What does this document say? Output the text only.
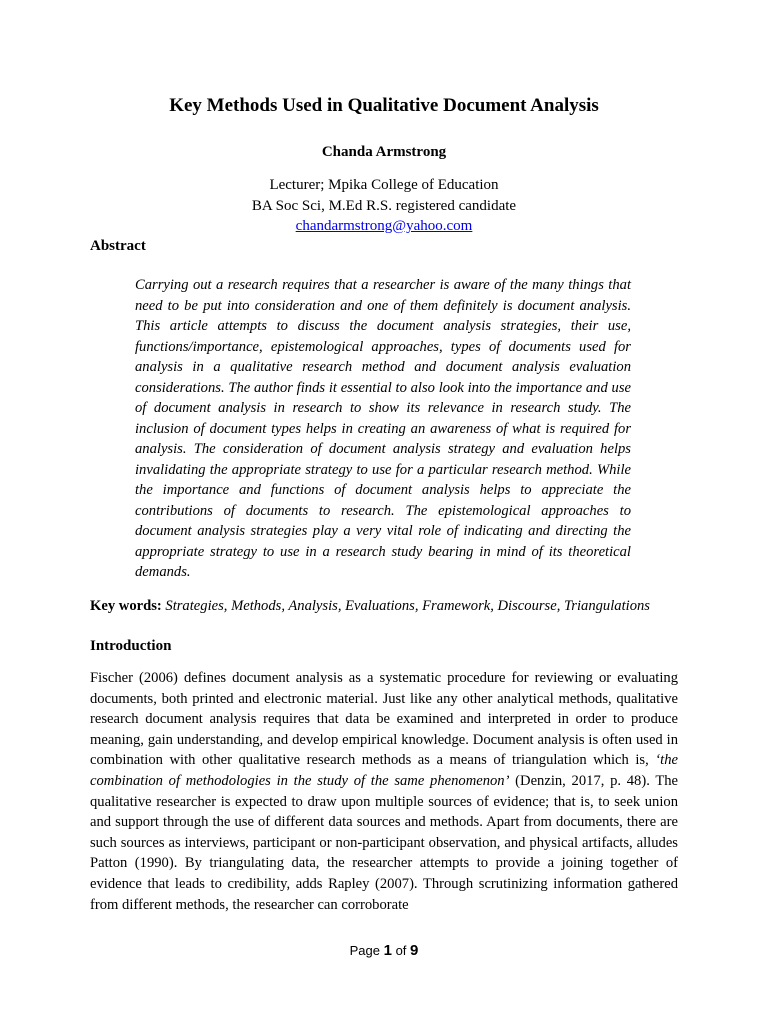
Key Methods Used in Qualitative Document Analysis
Chanda Armstrong
Lecturer; Mpika College of Education
BA Soc Sci, M.Ed R.S. registered candidate
chandarmstrong@yahoo.com
Abstract
Carrying out a research requires that a researcher is aware of the many things that need to be put into consideration and one of them definitely is document analysis. This article attempts to discuss the document analysis strategies, their use, functions/importance, epistemological approaches, types of documents used for analysis in a qualitative research method and document analysis evaluation considerations. The author finds it essential to also look into the importance and use of document analysis in research to show its relevance in research study. The inclusion of document types helps in creating an awareness of what is required for analysis. The consideration of document analysis strategy and evaluation helps invalidating the appropriate strategy to use for a particular research method. While the importance and functions of document analysis helps to appreciate the contributions of documents to research. The epistemological approaches to document analysis strategies play a very vital role of indicating and directing the appropriate strategy to use in a research study bearing in mind of its theoretical demands.
Key words: Strategies, Methods, Analysis, Evaluations, Framework, Discourse, Triangulations
Introduction
Fischer (2006) defines document analysis as a systematic procedure for reviewing or evaluating documents, both printed and electronic material. Just like any other analytical methods, qualitative research document analysis requires that data be examined and interpreted in order to produce meaning, gain understanding, and develop empirical knowledge. Document analysis is often used in combination with other qualitative research methods as a means of triangulation which is, ‘the combination of methodologies in the study of the same phenomenon’ (Denzin, 2017, p. 48). The qualitative researcher is expected to draw upon multiple sources of evidence; that is, to seek union and support through the use of different data sources and methods. Apart from documents, there are such sources as interviews, participant or non-participant observation, and physical artifacts, alludes Patton (1990). By triangulating data, the researcher attempts to provide a joining together of evidence that leads to credibility, adds Rapley (2007). Through scrutinizing information gathered from different methods, the researcher can corroborate
Page 1 of 9
